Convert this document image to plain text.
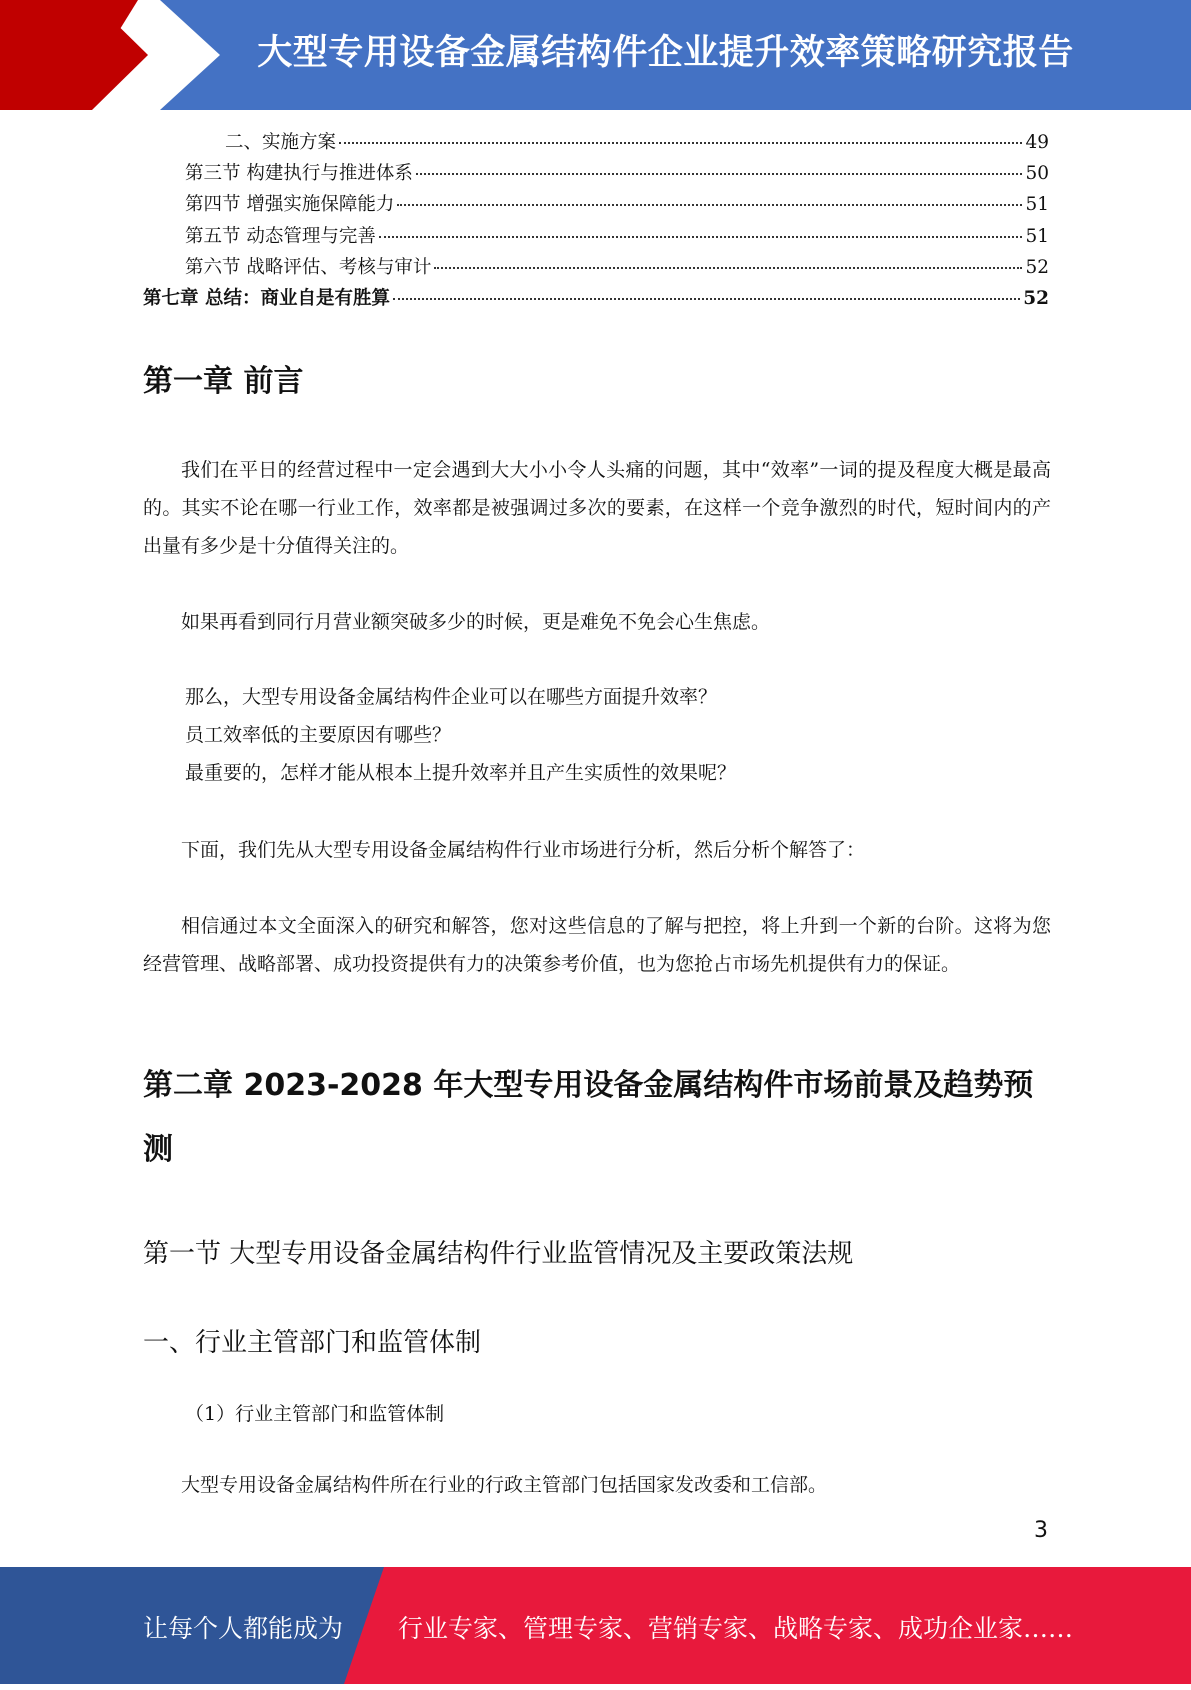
大型专用设备金属结构件企业提升效率策略研究报告
二、实施方案	49
第三节 构建执行与推进体系	50
第四节 增强实施保障能力	51
第五节 动态管理与完善	51
第六节 战略评估、考核与审计	52
第七章 总结：商业自是有胜算	52
第一章 前言
我们在平日的经营过程中一定会遇到大大小小令人头痛的问题，其中“效率”一词的提及程度大概是最高的。其实不论在哪一行业工作，效率都是被强调过多次的要素，在这样一个竞争激烈的时代，短时间内的产出量有多少是十分值得关注的。
如果再看到同行月营业额突破多少的时候，更是难免不免会心生焦虑。
那么，大型专用设备金属结构件企业可以在哪些方面提升效率？
员工效率低的主要原因有哪些？
最重要的，怎样才能从根本上提升效率并且产生实质性的效果呢？
下面，我们先从大型专用设备金属结构件行业市场进行分析，然后分析个解答了：
相信通过本文全面深入的研究和解答，您对这些信息的了解与把控，将上升到一个新的台阶。这将为您经营管理、战略部署、成功投资提供有力的决策参考价值，也为您抢占市场先机提供有力的保证。
第二章 2023-2028 年大型专用设备金属结构件市场前景及趋势预测
第一节 大型专用设备金属结构件行业监管情况及主要政策法规
一、行业主管部门和监管体制
（1）行业主管部门和监管体制
大型专用设备金属结构件所在行业的行政主管部门包括国家发改委和工信部。
3
让每个人都能成为 行业专家、管理专家、营销专家、战略专家、成功企业家……
